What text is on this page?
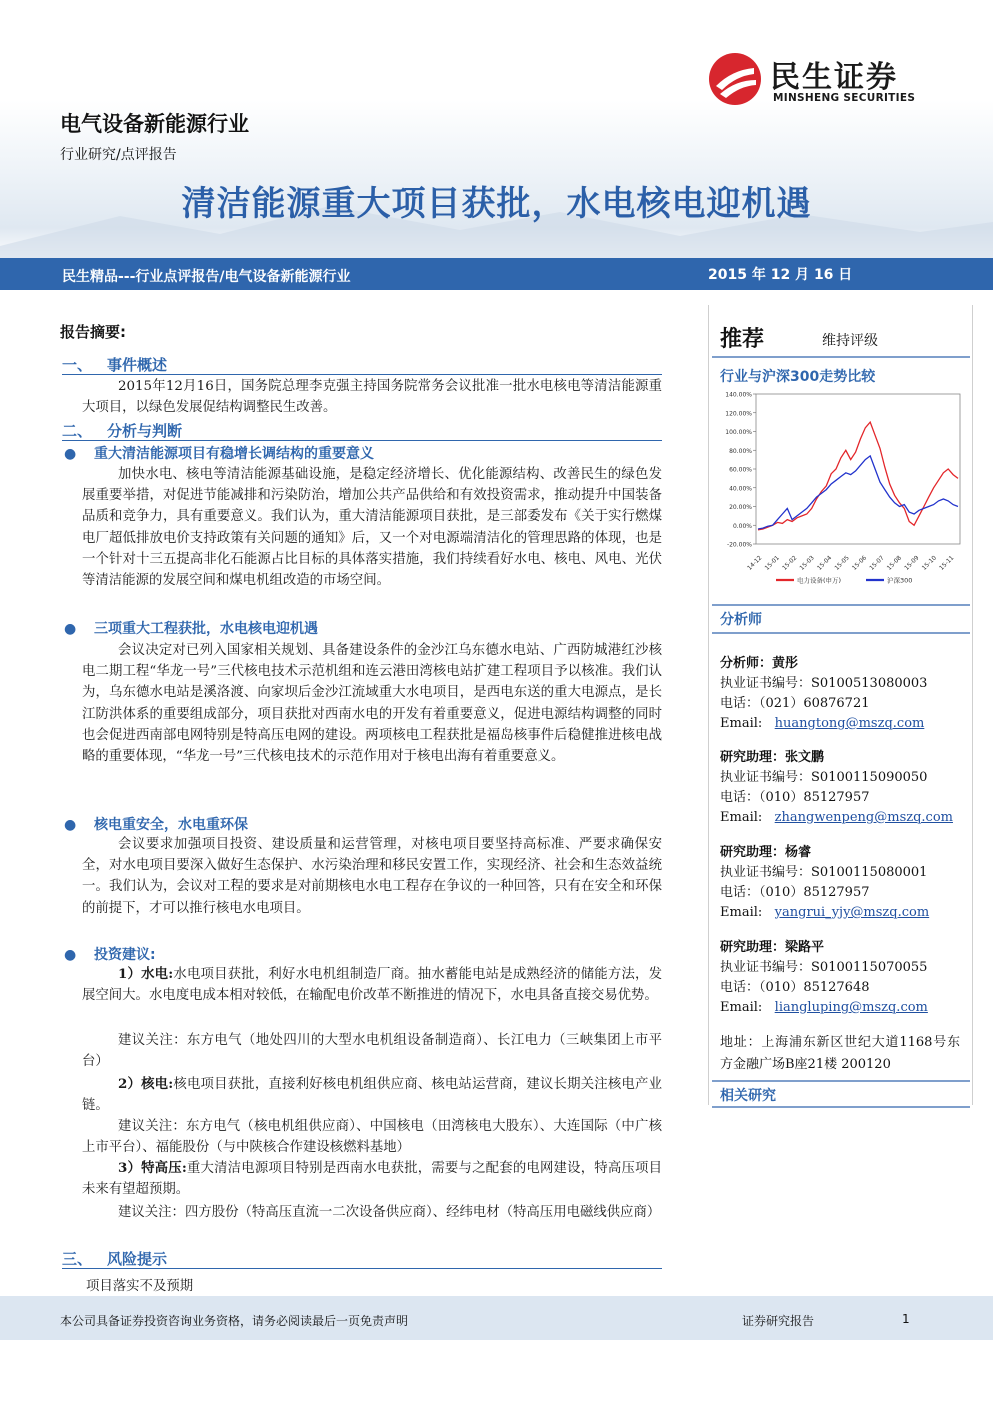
民生证券
MINSHENG SECURITIES
电气设备新能源行业
行业研究/点评报告
清洁能源重大项目获批，水电核电迎机遇
民生精品---行业点评报告/电气设备新能源行业	2015 年 12 月 16 日
报告摘要:
一、 事件概述
2015年12月16日，国务院总理李克强主持国务院常务会议批准一批水电核电等清洁能源重大项目，以绿色发展促结构调整民生改善。
二、 分析与判断
● 重大清洁能源项目有稳增长调结构的重要意义
加快水电、核电等清洁能源基础设施，是稳定经济增长、优化能源结构、改善民生的绿色发展重要举措，对促进节能减排和污染防治，增加公共产品供给和有效投资需求，推动提升中国装备品质和竞争力，具有重要意义。我们认为，重大清洁能源项目获批，是三部委发布《关于实行燃煤电厂超低排放电价支持政策有关问题的通知》后，又一个对电源端清洁化的管理思路的体现，也是一个针对十三五提高非化石能源占比目标的具体落实措施，我们持续看好水电、核电、风电、光伏等清洁能源的发展空间和煤电机组改造的市场空间。
● 三项重大工程获批，水电核电迎机遇
会议决定对已列入国家相关规划、具备建设条件的金沙江乌东德水电站、广西防城港红沙核电二期工程“华龙一号”三代核电技术示范机组和连云港田湾核电站扩建工程项目予以核准。我们认为，乌东德水电站是溪洛渡、向家坝后金沙江流域重大水电项目，是西电东送的重大电源点，是长江防洪体系的重要组成部分，项目获批对西南水电的开发有着重要意义，促进电源结构调整的同时也会促进西南部电网特别是特高压电网的建设。两项核电工程获批是福岛核事件后稳健推进核电战略的重要体现，“华龙一号”三代核电技术的示范作用对于核电出海有着重要意义。
● 核电重安全，水电重环保
会议要求加强项目投资、建设质量和运营管理，对核电项目要坚持高标准、严要求确保安全，对水电项目要深入做好生态保护、水污染治理和移民安置工作，实现经济、社会和生态效益统一。我们认为，会议对工程的要求是对前期核电水电工程存在争议的一种回答，只有在安全和环保的前提下，才可以推行核电水电项目。
● 投资建议:
1）水电:水电项目获批，利好水电机组制造厂商。抽水蓄能电站是成熟经济的储能方法，发展空间大。水电度电成本相对较低，在输配电价改革不断推进的情况下，水电具备直接交易优势。
建议关注：东方电气（地处四川的大型水电机组设备制造商）、长江电力（三峡集团上市平台）
2）核电:核电项目获批，直接利好核电机组供应商、核电站运营商，建议长期关注核电产业链。
建议关注：东方电气（核电机组供应商）、中国核电（田湾核电大股东）、大连国际（中广核上市平台）、福能股份（与中陕核合作建设核燃料基地）
3）特高压:重大清洁电源项目特别是西南水电获批，需要与之配套的电网建设，特高压项目未来有望超预期。
建议关注：四方股份（特高压直流一二次设备供应商）、经纬电材（特高压用电磁线供应商）
三、 风险提示
项目落实不及预期
推荐	维持评级
行业与沪深300走势比较
140.00%
120.00%
100.00%
80.00%
60.00%
40.00%
20.00%
0.00%
-20.00%
14-12 15-01 15-02 15-03 15-04 15-05 15-06 15-07 15-08 15-09 15-10 15-11
电力设备(申万)	沪深300
分析师
分析师：黄彤
执业证书编号：S0100513080003
电话：（021）60876721
Email: huangtong@mszq.com
研究助理：张文鹏
执业证书编号：S0100115090050
电话：（010）85127957
Email: zhangwenpeng@mszq.com
研究助理：杨睿
执业证书编号：S0100115080001
电话：（010）85127957
Email: yangrui_yjy@mszq.com
研究助理：梁路平
执业证书编号：S0100115070055
电话：（010）85127648
Email: liangluping@mszq.com
地址：上海浦东新区世纪大道1168号东方金融广场B座21楼 200120
相关研究
本公司具备证券投资咨询业务资格，请务必阅读最后一页免责声明	证券研究报告	1
